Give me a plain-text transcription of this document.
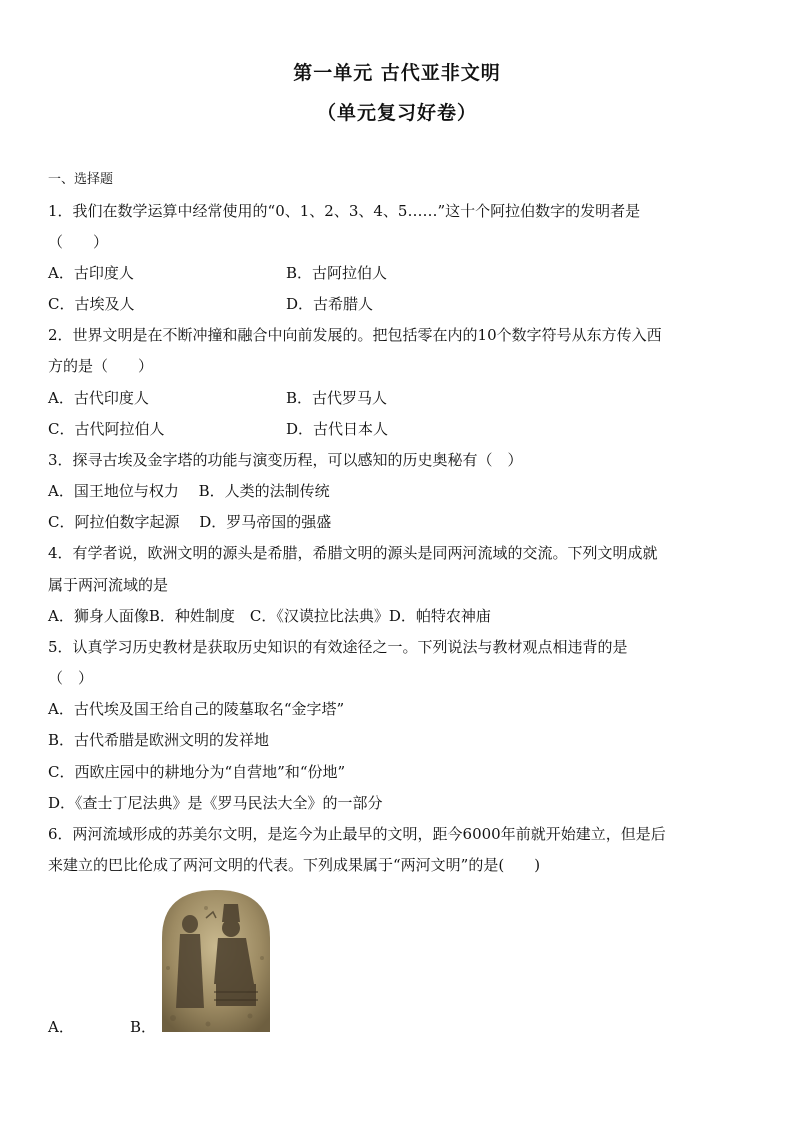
第一单元 古代亚非文明
（单元复习好卷）
一、选择题
1．我们在数学运算中经常使用的“0、1、2、3、4、5……”这十个阿拉伯数字的发明者是
（　　）
A．古印度人	B．古阿拉伯人
C．古埃及人	D．古希腊人
2．世界文明是在不断冲撞和融合中向前发展的。把包括零在内的10个数字符号从东方传入西
方的是（　　）
A．古代印度人	B．古代罗马人
C．古代阿拉伯人	D．古代日本人
3．探寻古埃及金字塔的功能与演变历程，可以感知的历史奥秘有（　）
A．国王地位与权力　 B．人类的法制传统
C．阿拉伯数字起源　 D．罗马帝国的强盛
4．有学者说，欧洲文明的源头是希腊，希腊文明的源头是同两河流域的交流。下列文明成就
属于两河流域的是
A．狮身人面像B．种姓制度　C．《汉谟拉比法典》D．帕特农神庙
5．认真学习历史教材是获取历史知识的有效途径之一。下列说法与教材观点相违背的是
（　）
A．古代埃及国王给自己的陵墓取名“金字塔”
B．古代希腊是欧洲文明的发祥地
C．西欧庄园中的耕地分为“自营地”和“份地”
D．《查士丁尼法典》是《罗马民法大全》的一部分
6．两河流域形成的苏美尔文明，是迄今为止最早的文明，距今6000年前就开始建立，但是后
来建立的巴比伦成了两河文明的代表。下列成果属于“两河文明”的是(　　)
A．	B．
